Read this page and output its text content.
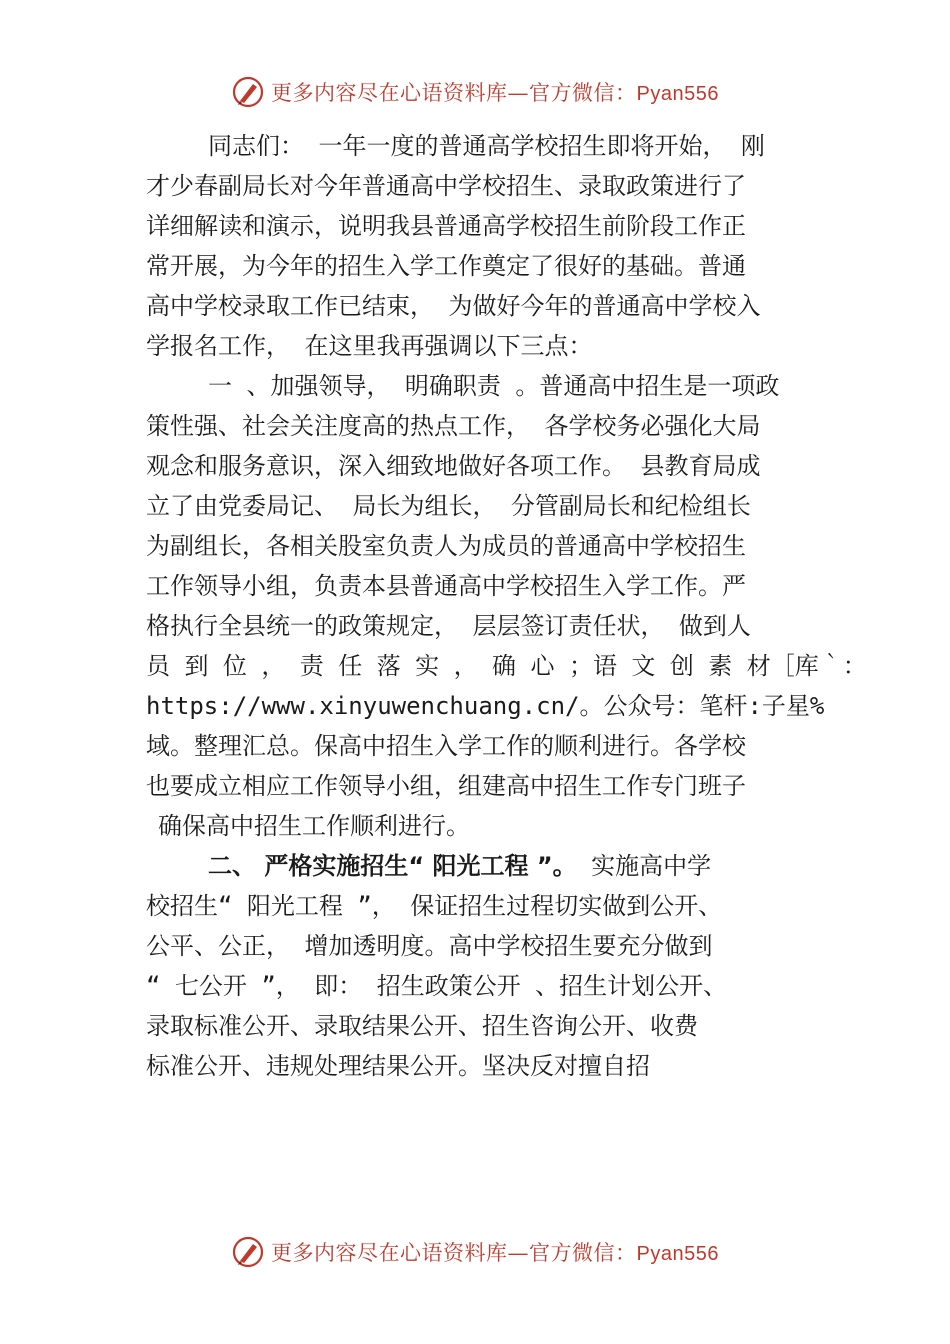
更多内容尽在心语资料库—官方微信：Pyan556
同志们： 一年一度的普通高学校招生即将开始， 刚
才少春副局长对今年普通高中学校招生、录取政策进行了
详细解读和演示，说明我县普通高学校招生前阶段工作正
常开展，为今年的招生入学工作奠定了很好的基础。普通
高中学校录取工作已结束， 为做好今年的普通高中学校入
学报名工作， 在这里我再强调以下三点：
一 、加强领导， 明确职责 。普通高中招生是一项政
策性强、社会关注度高的热点工作， 各学校务必强化大局
观念和服务意识，深入细致地做好各项工作。 县教育局成
立了由党委局记、 局长为组长， 分管副局长和纪检组长
为副组长，各相关股室负责人为成员的普通高中学校招生
工作领导小组，负责本县普通高中学校招生入学工作。严
格执行全县统一的政策规定， 层层签订责任状， 做到人
员 到 位 ， 责 任 落 实 ， 确 心 ；语 文 创 素 材［库｀：
https://www.xinyuwenchuang.cn/。公众号：笔杆:子星%
域。整理汇总。保高中招生入学工作的顺利进行。各学校
也要成立相应工作领导小组，组建高中招生工作专门班子
确保高中招生工作顺利进行。
二、 严格实施招生“ 阳光工程 ”。 实施高中学
校招生“ 阳光工程 ”， 保证招生过程切实做到公开、
公平、公正， 增加透明度。高中学校招生要充分做到
“ 七公开 ”， 即： 招生政策公开 、招生计划公开、
录取标准公开、录取结果公开、招生咨询公开、收费
标准公开、违规处理结果公开。坚决反对擅自招
更多内容尽在心语资料库—官方微信：Pyan556
